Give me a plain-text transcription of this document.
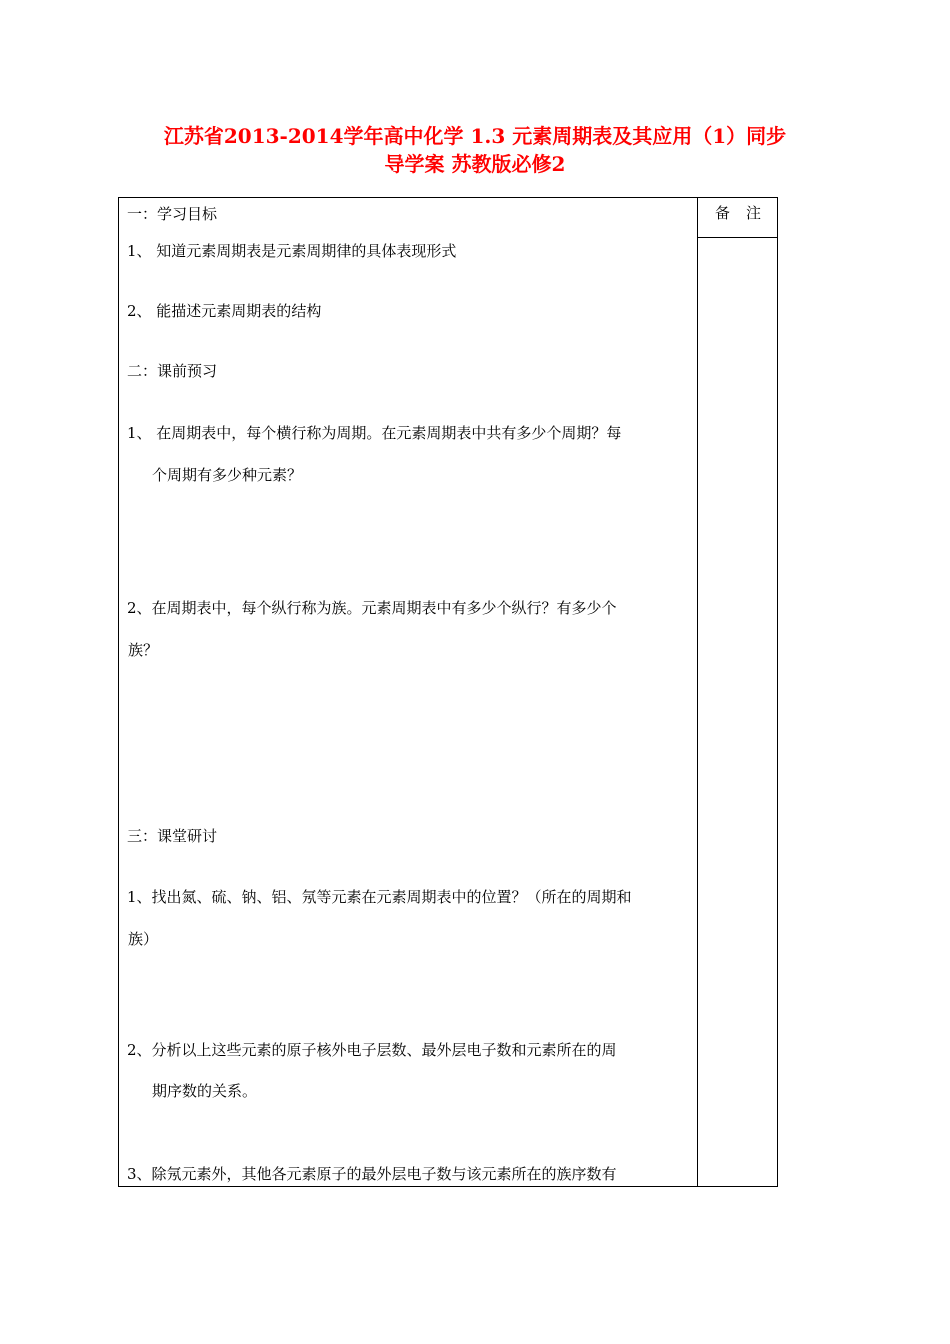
江苏省2013-2014学年高中化学 1.3 元素周期表及其应用（1）同步
导学案 苏教版必修2
备注
一：学习目标
1、 知道元素周期表是元素周期律的具体表现形式
2、 能描述元素周期表的结构
二：课前预习
1、 在周期表中，每个横行称为周期。在元素周期表中共有多少个周期？每
个周期有多少种元素？
2、在周期表中，每个纵行称为族。元素周期表中有多少个纵行？有多少个
族？
三：课堂研讨
1、找出氮、硫、钠、铝、氖等元素在元素周期表中的位置？（所在的周期和
族）
2、分析以上这些元素的原子核外电子层数、最外层电子数和元素所在的周
期序数的关系。
3、除氖元素外，其他各元素原子的最外层电子数与该元素所在的族序数有
